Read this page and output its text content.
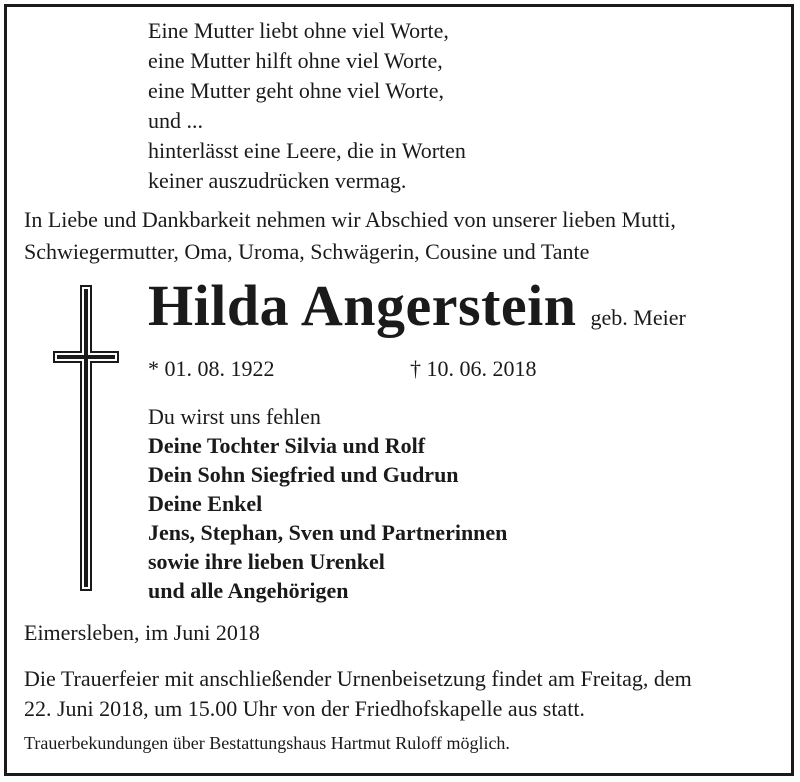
Eine Mutter liebt ohne viel Worte,
eine Mutter hilft ohne viel Worte,
eine Mutter geht ohne viel Worte,
und ...
hinterlässt eine Leere, die in Worten
keiner auszudrücken vermag.
In Liebe und Dankbarkeit nehmen wir Abschied von unserer lieben Mutti,
Schwiegermutter, Oma, Uroma, Schwägerin, Cousine und Tante
Hilda Angerstein geb. Meier
* 01. 08. 1922	† 10. 06. 2018
Du wirst uns fehlen
Deine Tochter Silvia und Rolf
Dein Sohn Siegfried und Gudrun
Deine Enkel
Jens, Stephan, Sven und Partnerinnen
sowie ihre lieben Urenkel
und alle Angehörigen
Eimersleben, im Juni 2018
Die Trauerfeier mit anschließender Urnenbeisetzung findet am Freitag, dem
22. Juni 2018, um 15.00 Uhr von der Friedhofskapelle aus statt.
Trauerbekundungen über Bestattungshaus Hartmut Ruloff möglich.
